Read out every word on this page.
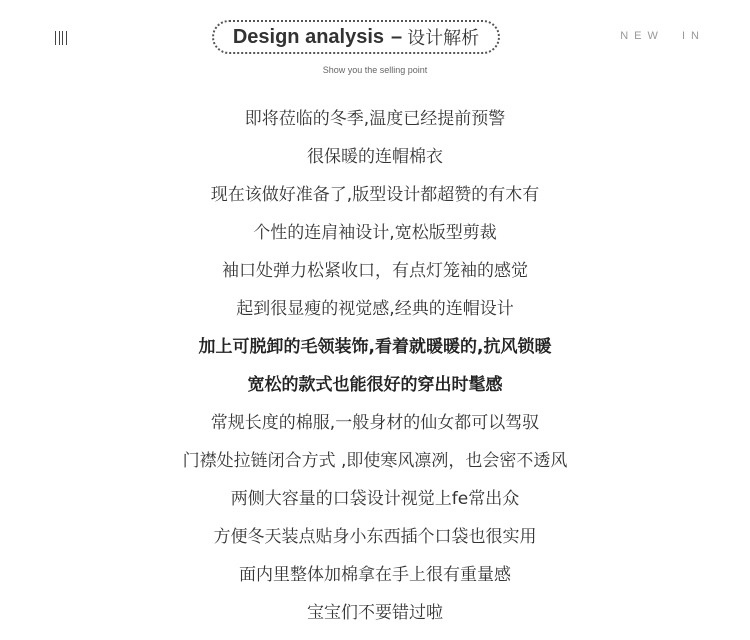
Design analysis – 设计解析
Show you the selling point
NEW  IN
即将莅临的冬季,温度已经提前预警
很保暖的连帽棉衣
现在该做好准备了,版型设计都超赞的有木有
个性的连肩袖设计,宽松版型剪裁
袖口处弹力松紧收口，有点灯笼袖的感觉
起到很显瘦的视觉感,经典的连帽设计
加上可脱卸的毛领装饰,看着就暖暖的,抗风锁暖
宽松的款式也能很好的穿出时髦感
常规长度的棉服,一般身材的仙女都可以驾驭
门襟处拉链闭合方式 ,即使寒风凛冽，也会密不透风
两侧大容量的口袋设计视觉上fe常出众
方便冬天装点贴身小东西插个口袋也很实用
面内里整体加棉拿在手上很有重量感
宝宝们不要错过啦
